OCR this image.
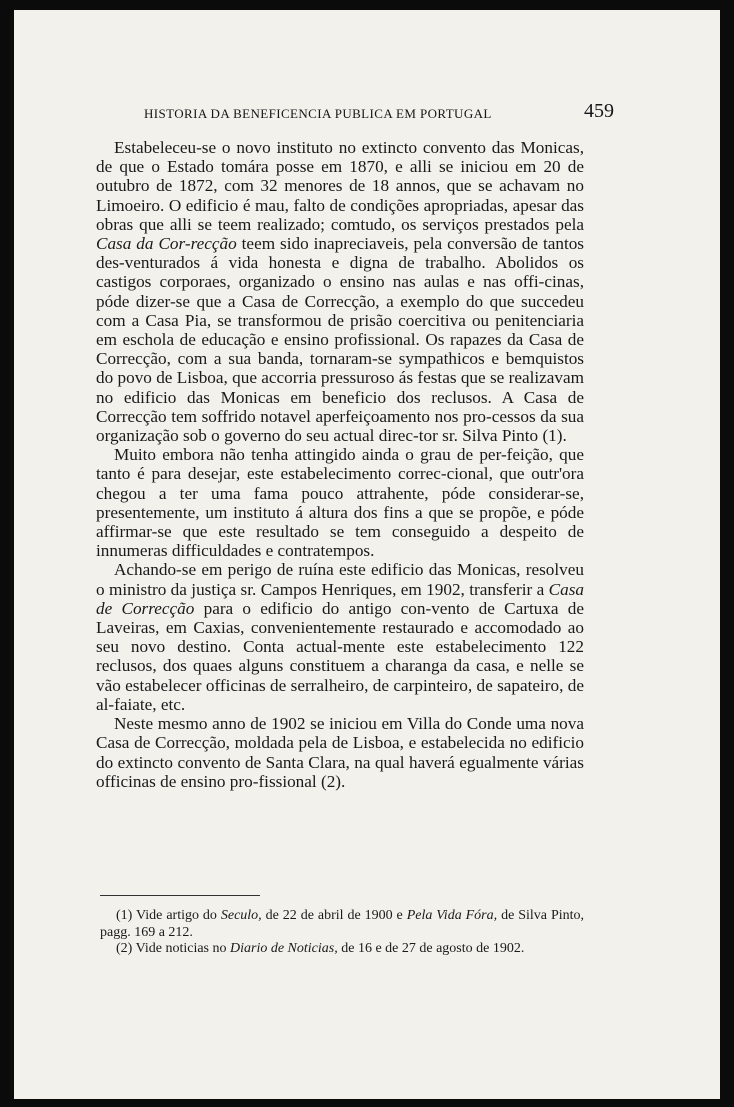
HISTORIA DA BENEFICENCIA PUBLICA EM PORTUGAL	459

Estabeleceu-se o novo instituto no extincto convento das Monicas, de que o Estado tomára posse em 1870, e alli se iniciou em 20 de outubro de 1872, com 32 menores de 18 annos, que se achavam no Limoeiro. O edificio é mau, falto de condições apropriadas, apesar das obras que alli se teem realizado; comtudo, os serviços prestados pela Casa da Cor-recção teem sido inapreciaveis, pela conversão de tantos des-venturados á vida honesta e digna de trabalho. Abolidos os castigos corporaes, organizado o ensino nas aulas e nas offi-cinas, póde dizer-se que a Casa de Correcção, a exemplo do que succedeu com a Casa Pia, se transformou de prisão coercitiva ou penitenciaria em eschola de educação e ensino profissional. Os rapazes da Casa de Correcção, com a sua banda, tornaram-se sympathicos e bemquistos do povo de Lisboa, que accorria pressuroso ás festas que se realizavam no edificio das Monicas em beneficio dos reclusos. A Casa de Correcção tem soffrido notavel aperfeiçoamento nos pro-cessos da sua organização sob o governo do seu actual direc-tor sr. Silva Pinto (1).

Muito embora não tenha attingido ainda o grau de per-feição, que tanto é para desejar, este estabelecimento correc-cional, que outr'ora chegou a ter uma fama pouco attrahente, póde considerar-se, presentemente, um instituto á altura dos fins a que se propõe, e póde affirmar-se que este resultado se tem conseguido a despeito de innumeras difficuldades e contratempos.

Achando-se em perigo de ruína este edificio das Monicas, resolveu o ministro da justiça sr. Campos Henriques, em 1902, transferir a Casa de Correcção para o edificio do antigo con-vento de Cartuxa de Laveiras, em Caxias, convenientemente restaurado e accomodado ao seu novo destino. Conta actual-mente este estabelecimento 122 reclusos, dos quaes alguns constituem a charanga da casa, e nelle se vão estabelecer officinas de serralheiro, de carpinteiro, de sapateiro, de al-faiate, etc.

Neste mesmo anno de 1902 se iniciou em Villa do Conde uma nova Casa de Correcção, moldada pela de Lisboa, e estabelecida no edificio do extincto convento de Santa Clara, na qual haverá egualmente várias officinas de ensino pro-fissional (2).

(1) Vide artigo do Seculo, de 22 de abril de 1900 e Pela Vida Fóra, de Silva Pinto, pagg. 169 a 212.

(2) Vide noticias no Diario de Noticias, de 16 e de 27 de agosto de 1902.
